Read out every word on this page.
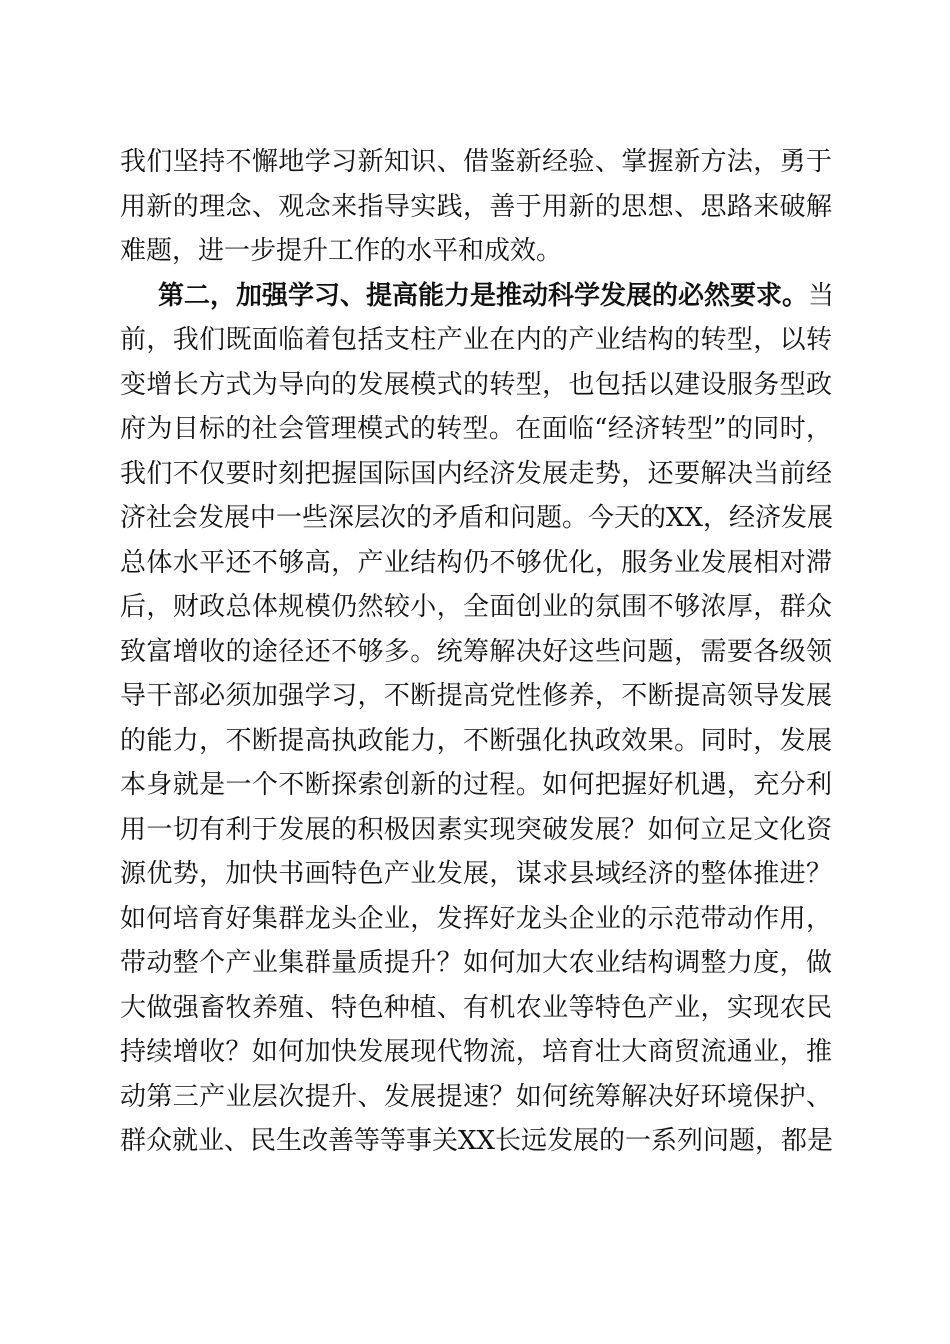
我们坚持不懈地学习新知识、借鉴新经验、掌握新方法，勇于
用新的理念、观念来指导实践，善于用新的思想、思路来破解
难题，进一步提升工作的水平和成效。
第二，加强学习、提高能力是推动科学发展的必然要求。当
前，我们既面临着包括支柱产业在内的产业结构的转型，以转
变增长方式为导向的发展模式的转型，也包括以建设服务型政
府为目标的社会管理模式的转型。在面临“经济转型”的同时，
我们不仅要时刻把握国际国内经济发展走势，还要解决当前经
济社会发展中一些深层次的矛盾和问题。今天的XX，经济发展
总体水平还不够高，产业结构仍不够优化，服务业发展相对滞
后，财政总体规模仍然较小，全面创业的氛围不够浓厚，群众
致富增收的途径还不够多。统筹解决好这些问题，需要各级领
导干部必须加强学习，不断提高党性修养，不断提高领导发展
的能力，不断提高执政能力，不断强化执政效果。同时，发展
本身就是一个不断探索创新的过程。如何把握好机遇，充分利
用一切有利于发展的积极因素实现突破发展？如何立足文化资
源优势，加快书画特色产业发展，谋求县域经济的整体推进？
如何培育好集群龙头企业，发挥好龙头企业的示范带动作用，
带动整个产业集群量质提升？如何加大农业结构调整力度，做
大做强畜牧养殖、特色种植、有机农业等特色产业，实现农民
持续增收？如何加快发展现代物流，培育壮大商贸流通业，推
动第三产业层次提升、发展提速？如何统筹解决好环境保护、
群众就业、民生改善等等事关XX长远发展的一系列问题，都是
